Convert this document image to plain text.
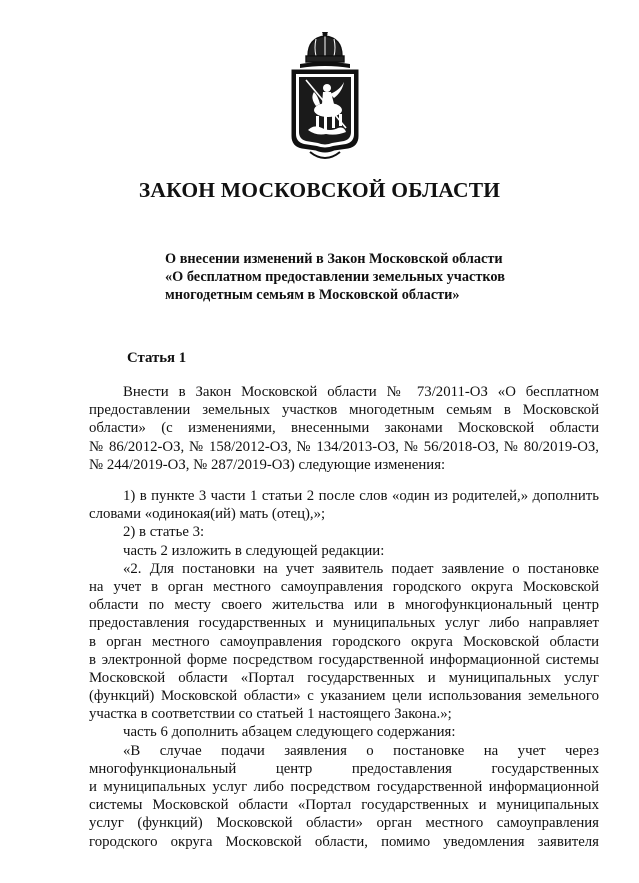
ЗАКОН МОСКОВСКОЙ ОБЛАСТИ
О внесении изменений в Закон Московской области
«О бесплатном предоставлении земельных участков
многодетным семьям в Московской области»
Статья 1
Внести в Закон Московской области № 73/2011-ОЗ «О бесплатном
предоставлении земельных участков многодетным семьям в Московской
области» (с изменениями, внесенными законами Московской области
№ 86/2012-ОЗ, № 158/2012-ОЗ, № 134/2013-ОЗ, № 56/2018-ОЗ, № 80/2019-ОЗ,
№ 244/2019-ОЗ, № 287/2019-ОЗ) следующие изменения:
1) в пункте 3 части 1 статьи 2 после слов «один из родителей,» дополнить
словами «одинокая(ий) мать (отец),»;
2) в статье 3:
часть 2 изложить в следующей редакции:
«2. Для постановки на учет заявитель подает заявление о постановке
на учет в орган местного самоуправления городского округа Московской
области по месту своего жительства или в многофункциональный центр
предоставления государственных и муниципальных услуг либо направляет
в орган местного самоуправления городского округа Московской области
в электронной форме посредством государственной информационной системы
Московской области «Портал государственных и муниципальных услуг
(функций) Московской области» с указанием цели использования земельного
участка в соответствии со статьей 1 настоящего Закона.»;
часть 6 дополнить абзацем следующего содержания:
«В случае подачи заявления о постановке на учет через
многофункциональный центр предоставления государственных
и муниципальных услуг либо посредством государственной информационной
системы Московской области «Портал государственных и муниципальных
услуг (функций) Московской области» орган местного самоуправления
городского округа Московской области, помимо уведомления заявителя
